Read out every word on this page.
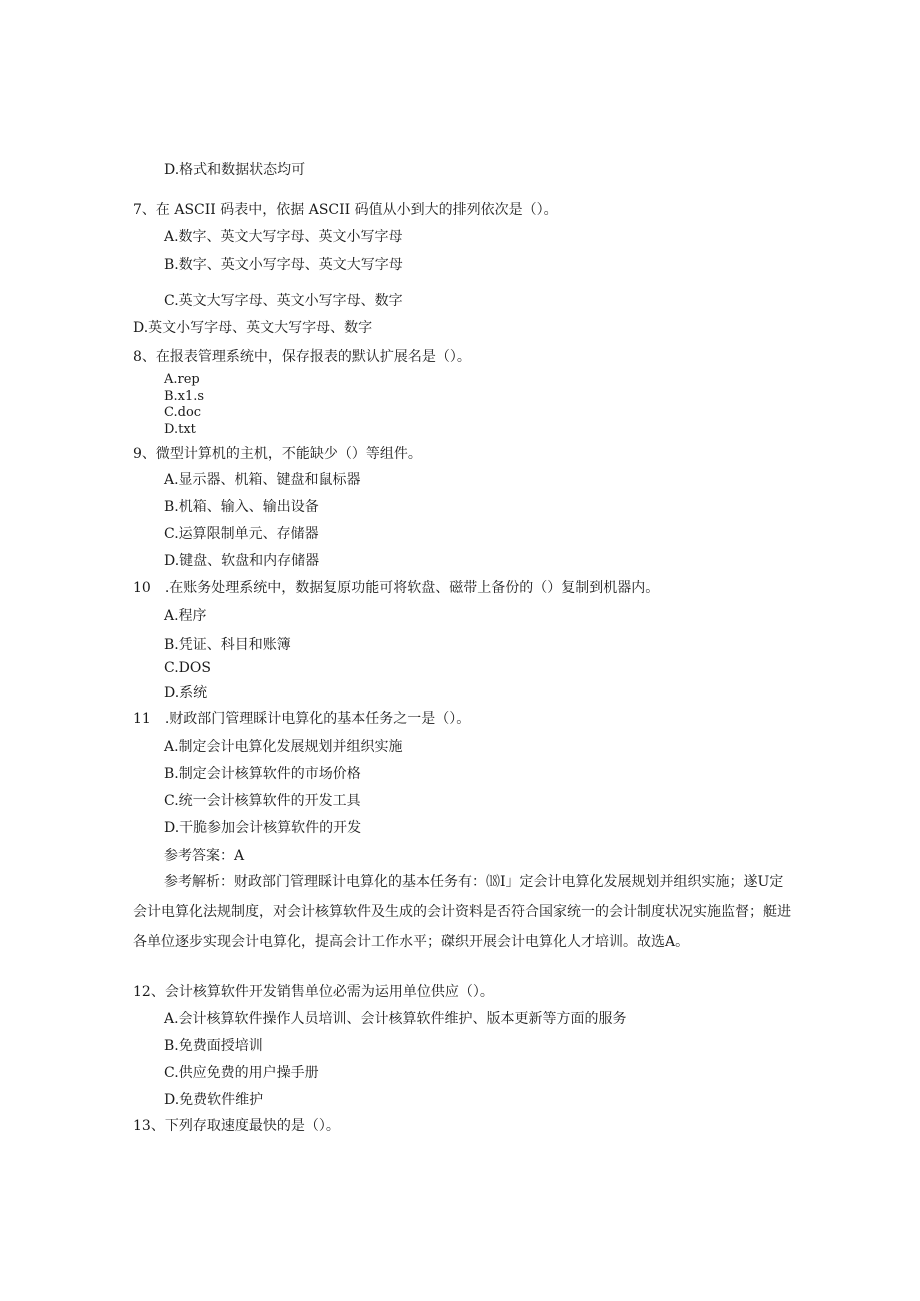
D.格式和数据状态均可
7、在 ASCII 码表中，依据 ASCII 码值从小到大的排列依次是（）。
A.数字、英文大写字母、英文小写字母
B.数字、英文小写字母、英文大写字母
C.英文大写字母、英文小写字母、数字
D.英文小写字母、英文大写字母、数字
8、在报表管理系统中，保存报表的默认扩展名是（）。
A.rep
B.x1.s
C.doc
D.txt
9、微型计算机的主机，不能缺少（）等组件。
A.显示器、机箱、键盘和鼠标器
B.机箱、输入、输出设备
C.运算限制单元、存储器
D.键盘、软盘和内存储器
10　.在账务处理系统中，数据复原功能可将软盘、磁带上备份的（）复制到机器内。
A.程序
B.凭证、科目和账簿
C.DOS
D.系统
11　.财政部门管理睬计电算化的基本任务之一是（）。
A.制定会计电算化发展规划并组织实施
B.制定会计核算软件的市场价格
C.统一会计核算软件的开发工具
D.干脆参加会计核算软件的开发
参考答案：A
参考解析：财政部门管理睬计电算化的基本任务有：⒅I」定会计电算化发展规划并组织实施；遂U定会计电算化法规制度，对会计核算软件及生成的会计资料是否符合国家统一的会计制度状况实施监督；艇进各单位逐步实现会计电算化，提高会计工作水平；磔织开展会计电算化人才培训。故选A。
12、会计核算软件开发销售单位必需为运用单位供应（）。
A.会计核算软件操作人员培训、会计核算软件维护、版本更新等方面的服务
B.免费面授培训
C.供应免费的用户操手册
D.免费软件维护
13、下列存取速度最快的是（）。
